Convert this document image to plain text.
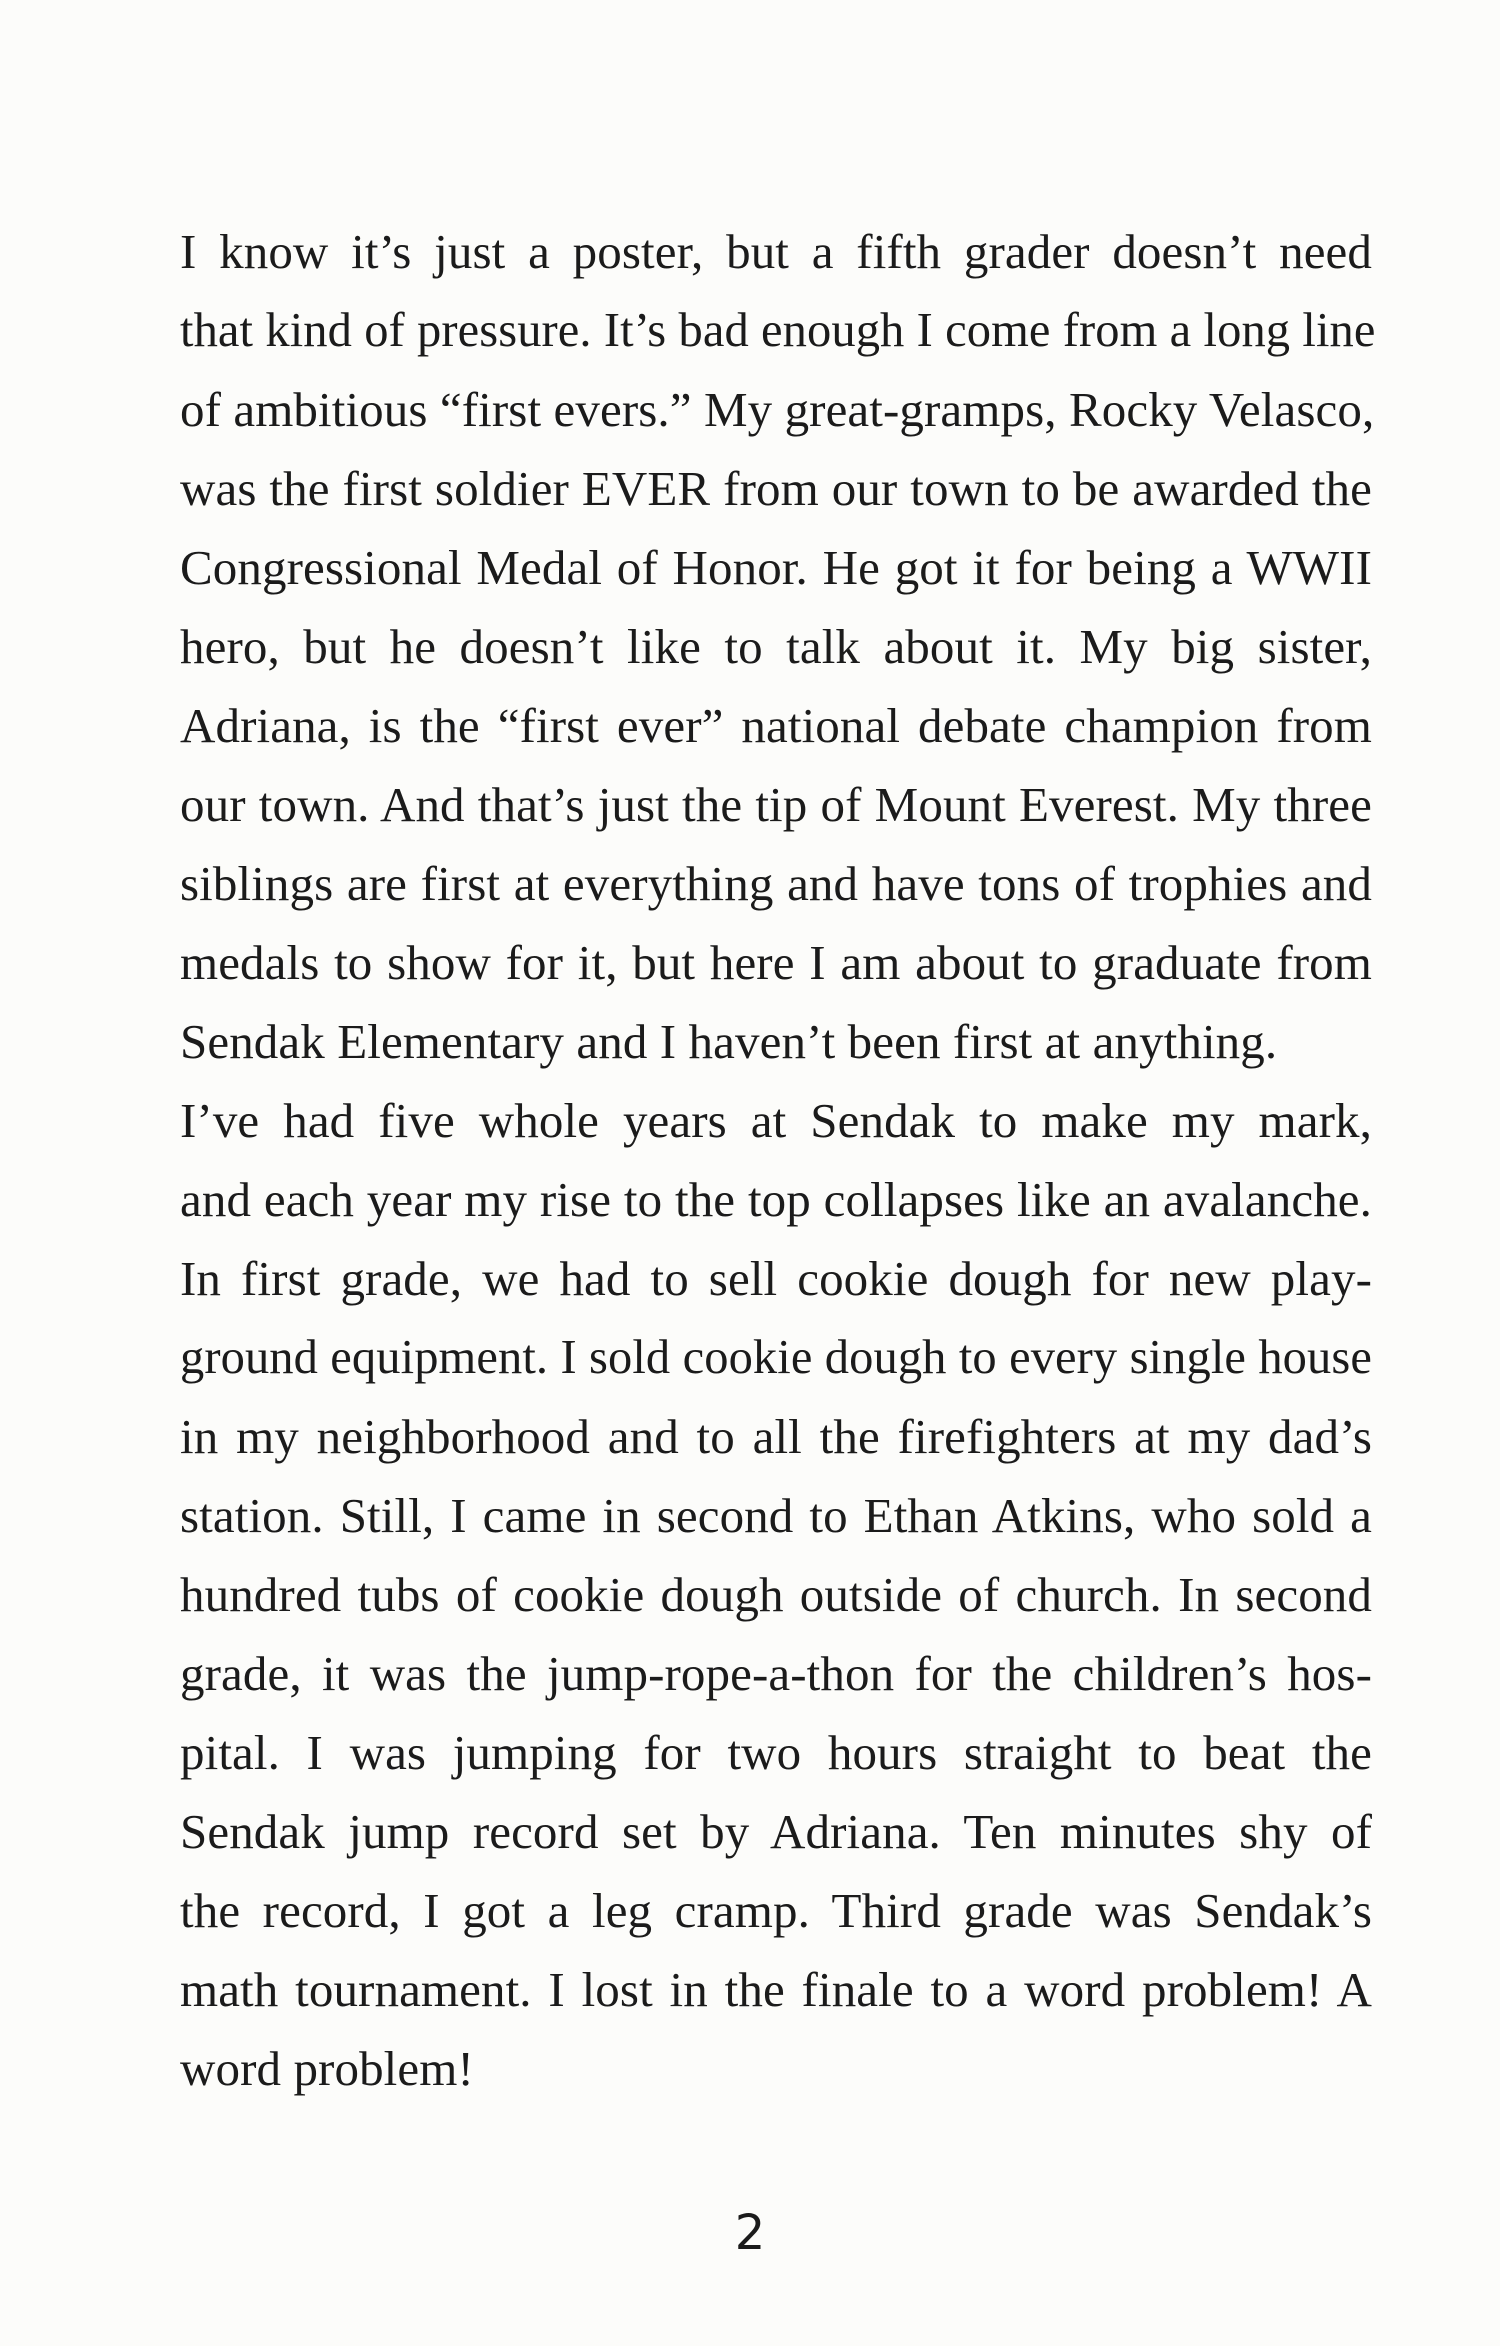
I know it’s just a poster, but a fifth grader doesn’t need
that kind of pressure. It’s bad enough I come from a long line
of ambitious “first evers.” My great-gramps, Rocky Velasco,
was the first soldier EVER from our town to be awarded the
Congressional Medal of Honor. He got it for being a WWII
hero, but he doesn’t like to talk about it. My big sister,
Adriana, is the “first ever” national debate champion from
our town. And that’s just the tip of Mount Everest. My three
siblings are first at everything and have tons of trophies and
medals to show for it, but here I am about to graduate from
Sendak Elementary and I haven’t been first at anything.
I’ve had five whole years at Sendak to make my mark,
and each year my rise to the top collapses like an avalanche.
In first grade, we had to sell cookie dough for new play-
ground equipment. I sold cookie dough to every single house
in my neighborhood and to all the firefighters at my dad’s
station. Still, I came in second to Ethan Atkins, who sold a
hundred tubs of cookie dough outside of church. In second
grade, it was the jump-rope-a-thon for the children’s hos-
pital. I was jumping for two hours straight to beat the
Sendak jump record set by Adriana. Ten minutes shy of
the record, I got a leg cramp. Third grade was Sendak’s
math tournament. I lost in the finale to a word problem! A
word problem!
2
